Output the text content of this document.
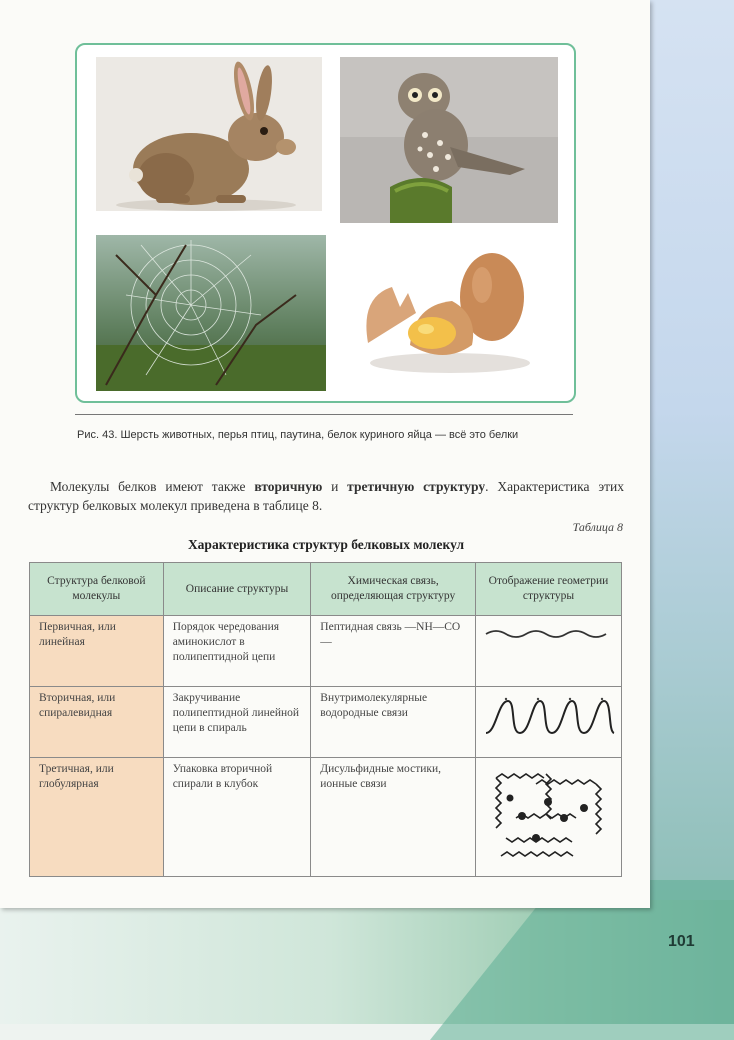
Рис. 43. Шерсть животных, перья птиц, паутина, белок куриного яйца — всё это белки
Молекулы белков имеют также вторичную и третичную структуру. Характеристика этих структур белковых молекул приведена в таблице 8.
Таблица 8
Характеристика структур белковых молекул
Структура белковой молекулы	Описание структуры	Химическая связь, определяющая структуру	Отображение геометрии структуры
Первичная, или линейная	Порядок чередования аминокислот в полипептидной цепи	Пептидная связь —NH—CO—	

Вторичная, или спиралевидная	Закручивание полипептидной линейной цепи в спираль	Внутримолекулярные водородные связи	

Третичная, или глобулярная	Упаковка вторичной спирали в клубок	Дисульфидные мостики, ионные связи	
101
